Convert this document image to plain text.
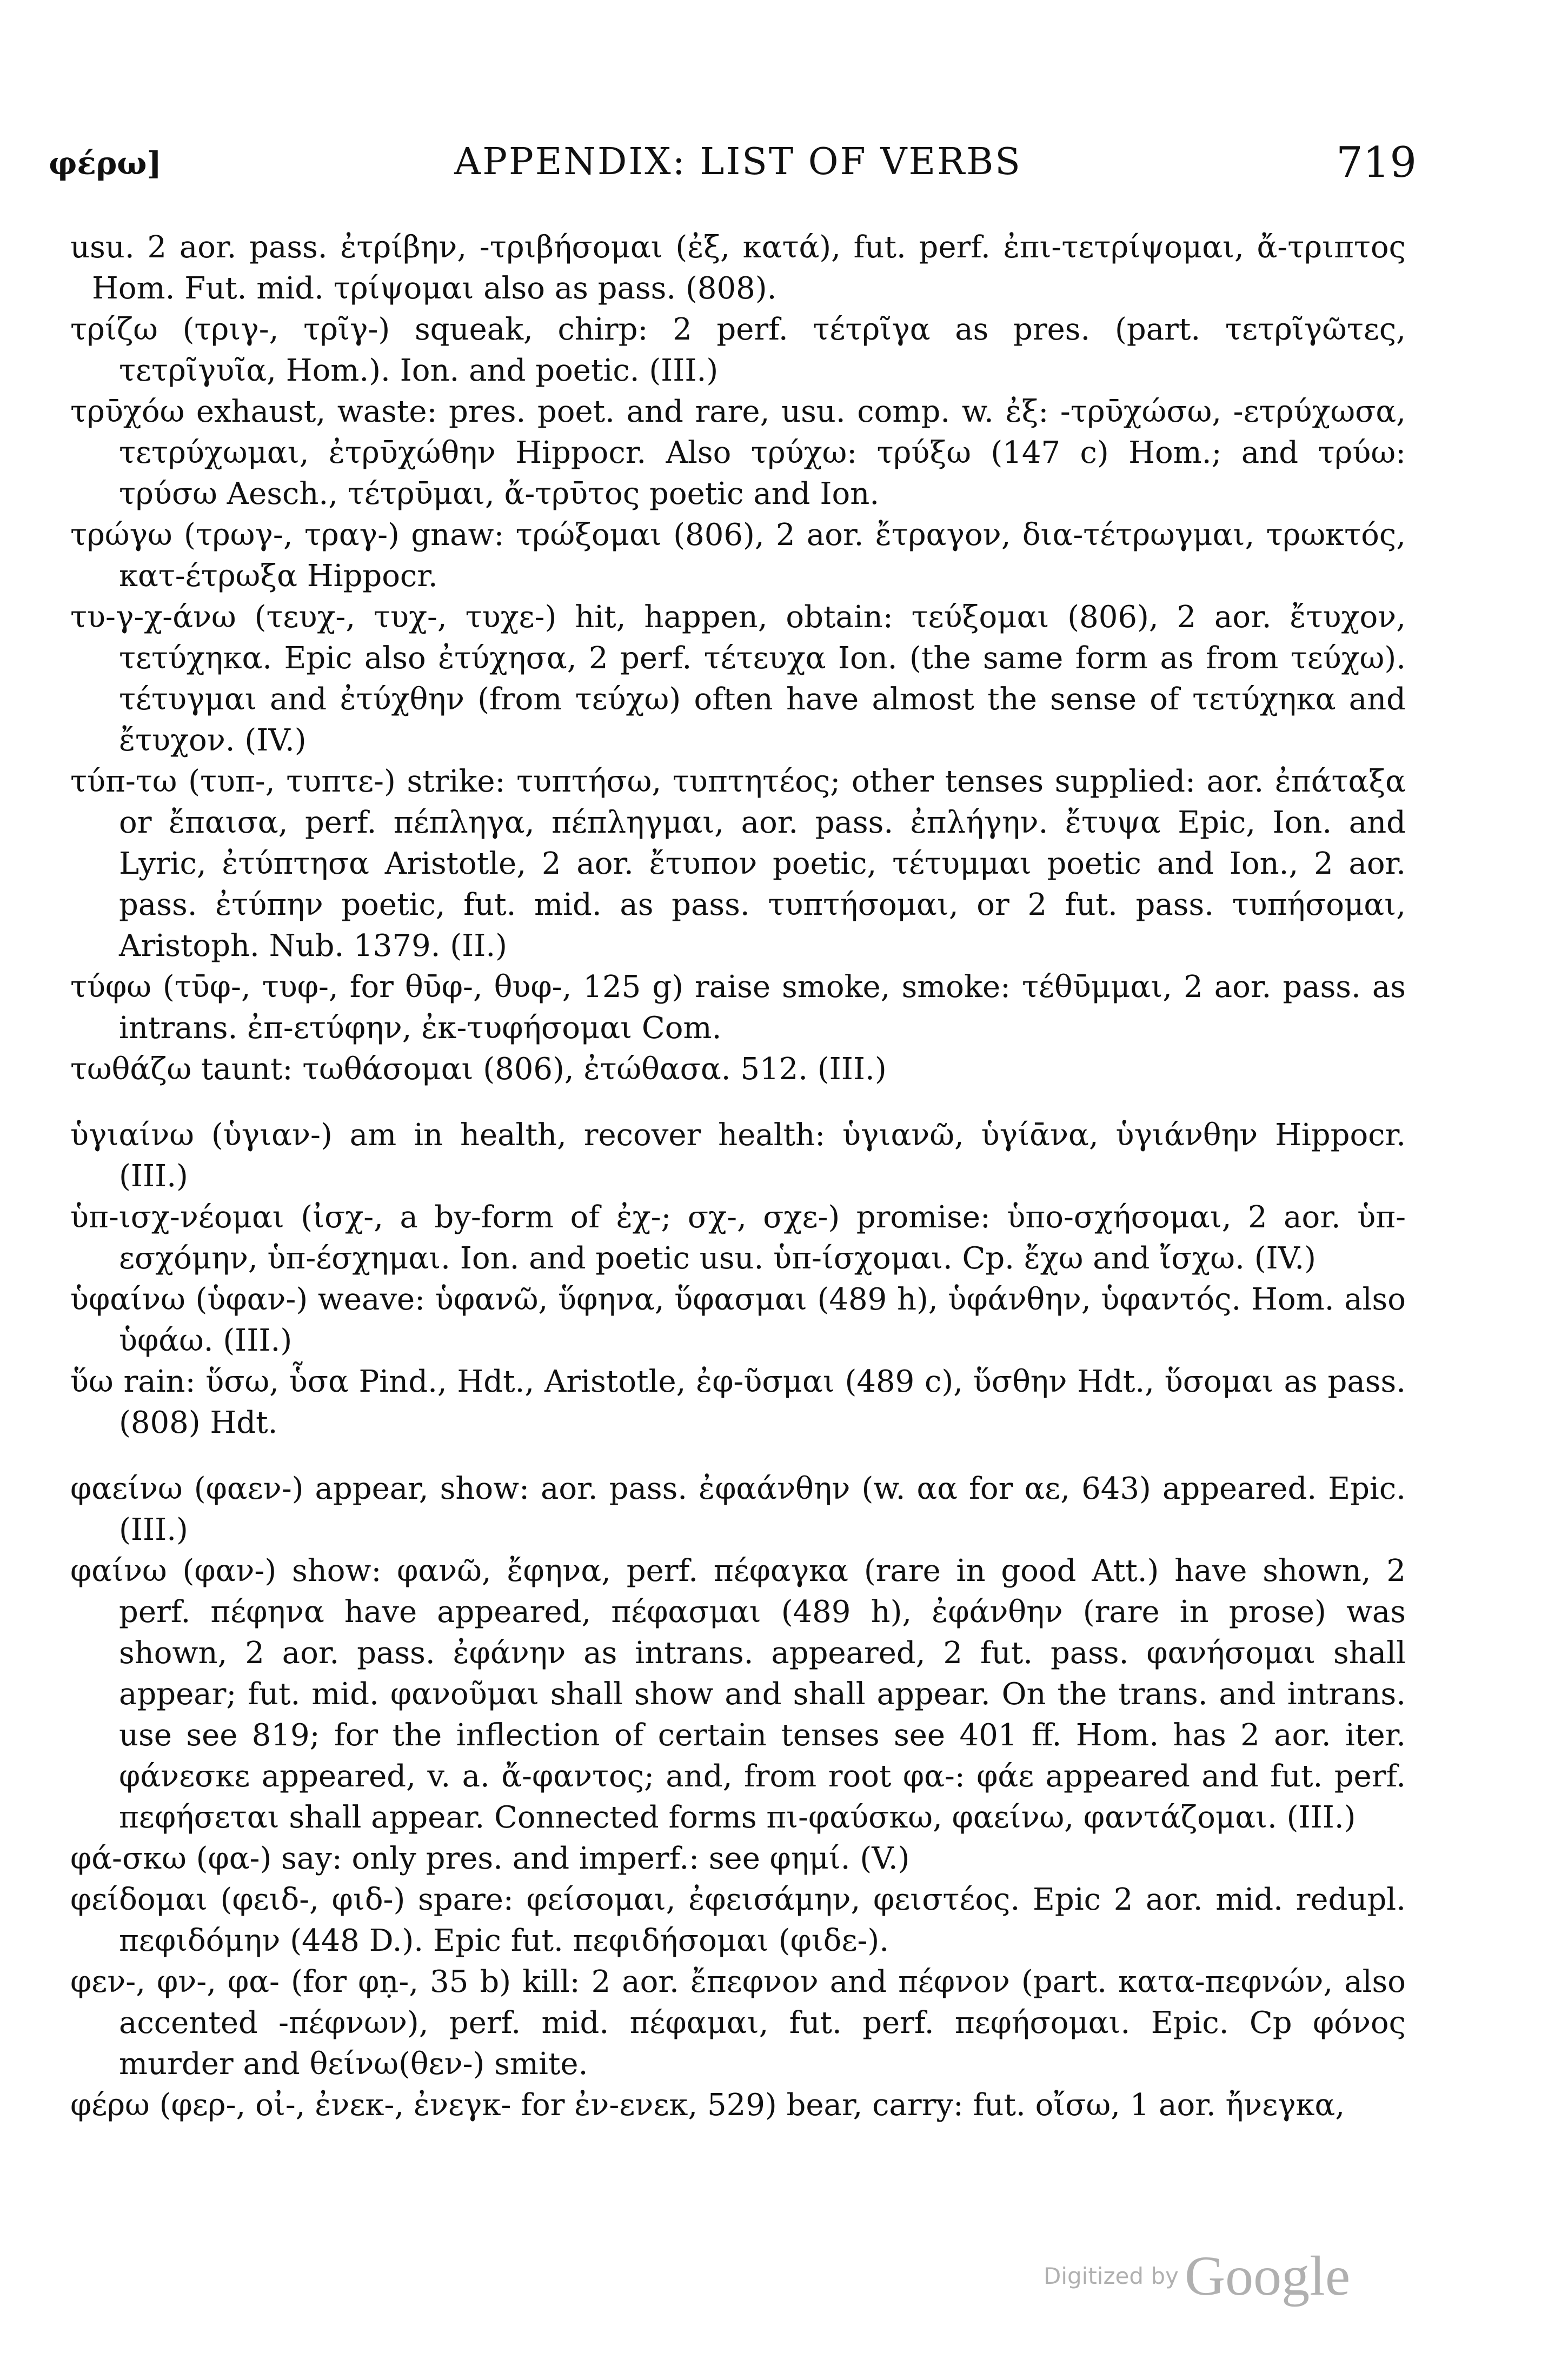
φέρω]	APPENDIX: LIST OF VERBS	719

usu. 2 aor. pass. ἐτρίβην, -τριβήσομαι (ἐξ, κατά), fut. perf. ἐπι-τετρίψομαι, ἄ-τριπτος Hom. Fut. mid. τρίψομαι also as pass. (808).

τρίζω (τριγ-, τρῖγ-) squeak, chirp: 2 perf. τέτρῖγα as pres. (part. τετρῖγῶτες, τετρῖγυῖα, Hom.). Ion. and poetic. (III.)

τρῡχόω exhaust, waste: pres. poet. and rare, usu. comp. w. ἐξ: -τρῡχώσω, -ετρύχωσα, τετρύχωμαι, ἐτρῡχώθην Hippocr. Also τρύχω: τρύξω (147 c) Hom.; and τρύω: τρύσω Aesch., τέτρῡμαι, ἄ-τρῡτος poetic and Ion.

τρώγω (τρωγ-, τραγ-) gnaw: τρώξομαι (806), 2 aor. ἔτραγον, δια-τέτρωγμαι, τρωκτός, κατ-έτρωξα Hippocr.

τυ-γ-χ-άνω (τευχ-, τυχ-, τυχε-) hit, happen, obtain: τεύξομαι (806), 2 aor. ἔτυχον, τετύχηκα. Epic also ἐτύχησα, 2 perf. τέτευχα Ion. (the same form as from τεύχω). τέτυγμαι and ἐτύχθην (from τεύχω) often have almost the sense of τετύχηκα and ἔτυχον. (IV.)

τύπ-τω (τυπ-, τυπτε-) strike: τυπτήσω, τυπτητέος; other tenses supplied: aor. ἐπάταξα or ἔπαισα, perf. πέπληγα, πέπληγμαι, aor. pass. ἐπλήγην. ἔτυψα Epic, Ion. and Lyric, ἐτύπτησα Aristotle, 2 aor. ἔτυπον poetic, τέτυμμαι poetic and Ion., 2 aor. pass. ἐτύπην poetic, fut. mid. as pass. τυπτήσομαι, or 2 fut. pass. τυπήσομαι, Aristoph. Nub. 1379. (II.)

τύφω (τῡφ-, τυφ-, for θῡφ-, θυφ-, 125 g) raise smoke, smoke: τέθῡμμαι, 2 aor. pass. as intrans. ἐπ-ετύφην, ἐκ-τυφήσομαι Com.

τωθάζω taunt: τωθάσομαι (806), ἐτώθασα. 512. (III.)

ὑγιαίνω (ὑγιαν-) am in health, recover health: ὑγιανῶ, ὑγίᾱνα, ὑγιάνθην Hippocr. (III.)

ὑπ-ισχ-νέομαι (ἰσχ-, a by-form of ἐχ-; σχ-, σχε-) promise: ὑπο-σχήσομαι, 2 aor. ὑπ-εσχόμην, ὑπ-έσχημαι. Ion. and poetic usu. ὑπ-ίσχομαι. Cp. ἔχω and ἴσχω. (IV.)

ὑφαίνω (ὑφαν-) weave: ὑφανῶ, ὕφηνα, ὕφασμαι (489 h), ὑφάνθην, ὑφαντός. Hom. also ὑφάω. (III.)

ὕω rain: ὕσω, ὗσα Pind., Hdt., Aristotle, ἐφ-ῦσμαι (489 c), ὕσθην Hdt., ὕσομαι as pass. (808) Hdt.

φαείνω (φαεν-) appear, show: aor. pass. ἐφαάνθην (w. αα for αε, 643) appeared. Epic. (III.)

φαίνω (φαν-) show: φανῶ, ἔφηνα, perf. πέφαγκα (rare in good Att.) have shown, 2 perf. πέφηνα have appeared, πέφασμαι (489 h), ἐφάνθην (rare in prose) was shown, 2 aor. pass. ἐφάνην as intrans. appeared, 2 fut. pass. φανήσομαι shall appear; fut. mid. φανοῦμαι shall show and shall appear. On the trans. and intrans. use see 819; for the inflection of certain tenses see 401 ff. Hom. has 2 aor. iter. φάνεσκε appeared, v. a. ἄ-φαντος; and, from root φα-: φάε appeared and fut. perf. πεφήσεται shall appear. Connected forms πι-φαύσκω, φαείνω, φαντάζομαι. (III.)

φά-σκω (φα-) say: only pres. and imperf.: see φημί. (V.)

φείδομαι (φειδ-, φιδ-) spare: φείσομαι, ἐφεισάμην, φειστέος. Epic 2 aor. mid. redupl. πεφιδόμην (448 D.). Epic fut. πεφιδήσομαι (φιδε-).

φεν-, φν-, φα- (for φṇ-, 35 b) kill: 2 aor. ἔπεφνον and πέφνον (part. κατα-πεφνών, also accented -πέφνων), perf. mid. πέφαμαι, fut. perf. πεφήσομαι. Epic. Cp φόνος murder and θείνω(θεν-) smite.

φέρω (φερ-, οἰ-, ἐνεκ-, ἐνεγκ- for ἐν-ενεκ, 529) bear, carry: fut. οἴσω, 1 aor. ἤνεγκα,

Digitized by Google
